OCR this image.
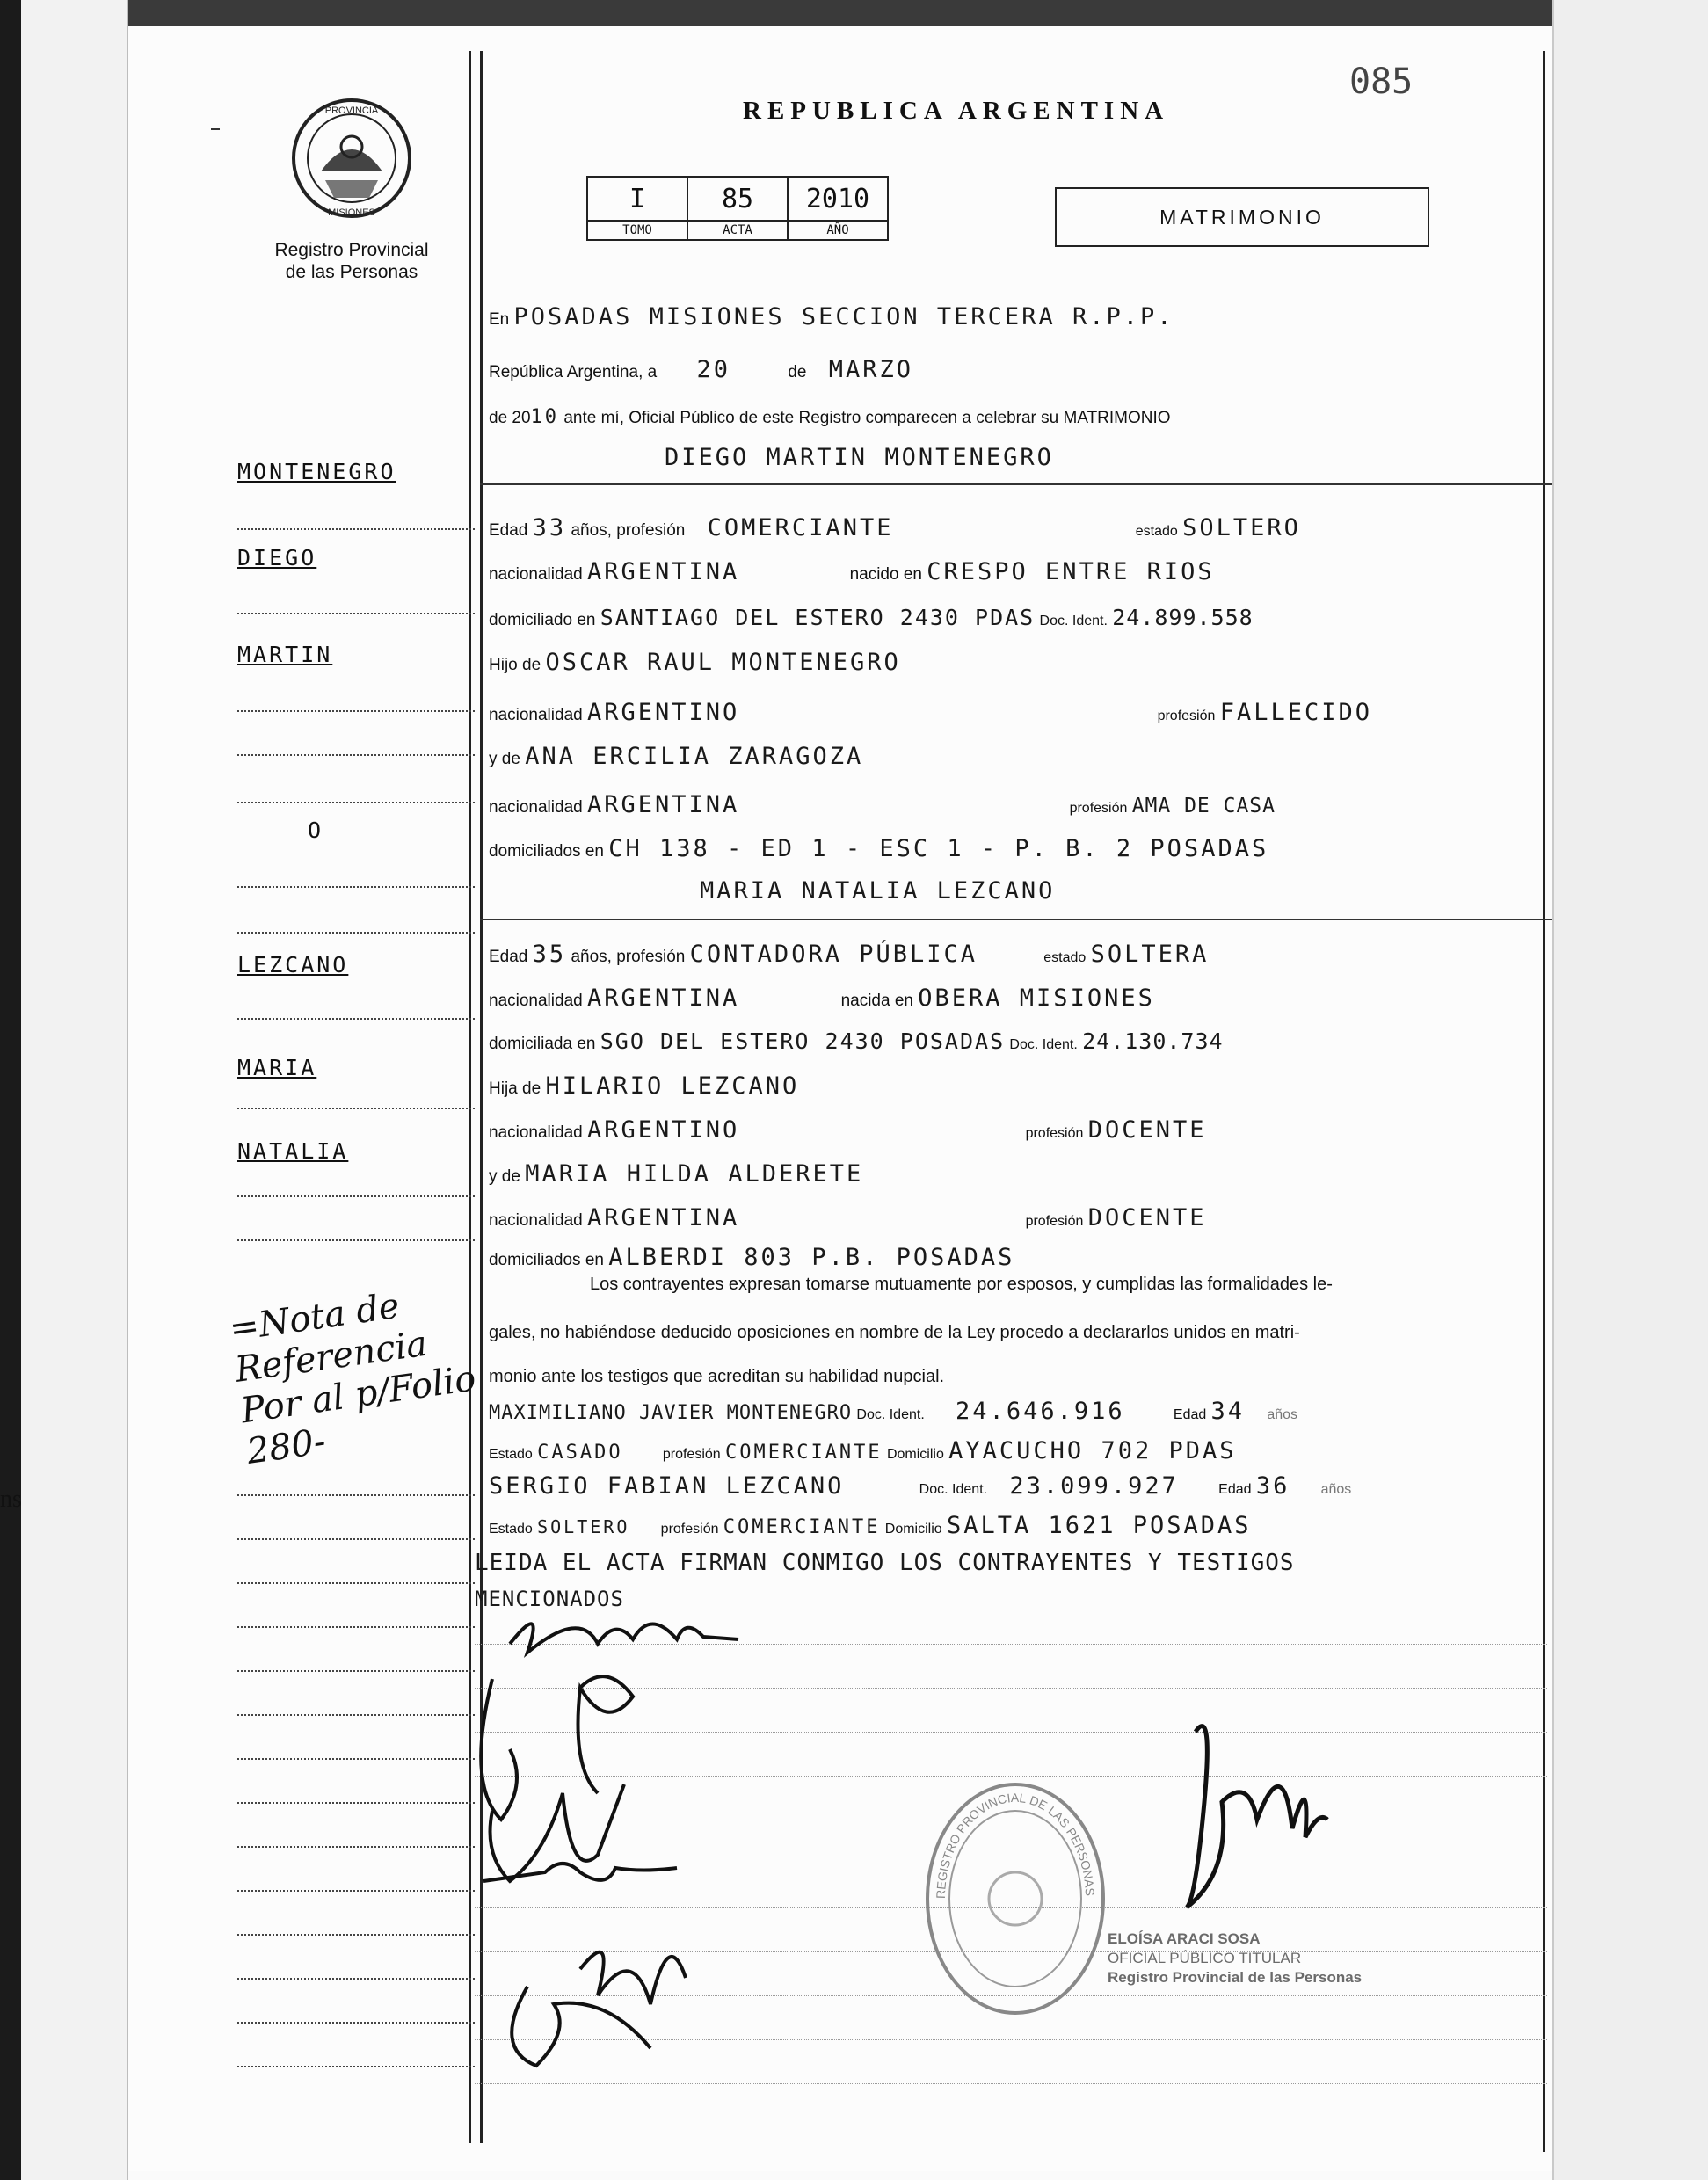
ns
PROVINCIA
MISIONES
Registro Provincial
de las Personas
REPUBLICA ARGENTINA
085
I	85	2010
TOMO	ACTA	AÑO
MATRIMONIO
En POSADAS MISIONES SECCION TERCERA R.P.P.
República Argentina, a 20	de MARZO
de 2010 ante mí, Oficial Público de este Registro comparecen a celebrar su MATRIMONIO
DIEGO MARTIN MONTENEGRO
Edad 33 años, profesión COMERCIANTE	estado SOLTERO
nacionalidad ARGENTINA	nacido en CRESPO ENTRE RIOS
domiciliado en SANTIAGO DEL ESTERO 2430 PDAS Doc. Ident. 24.899.558
Hijo de OSCAR RAUL MONTENEGRO
nacionalidad ARGENTINO	profesión FALLECIDO
y de ANA ERCILIA ZARAGOZA
nacionalidad ARGENTINA	profesión AMA DE CASA
domiciliados en CH 138 - ED 1 - ESC 1 - P. B. 2 POSADAS
MARIA NATALIA LEZCANO
Edad 35 años, profesión CONTADORA PÚBLICA	estado SOLTERA
nacionalidad ARGENTINA	nacida en OBERA MISIONES
domiciliada en SGO DEL ESTERO 2430 POSADAS Doc. Ident. 24.130.734
Hija de HILARIO LEZCANO
nacionalidad ARGENTINO	profesión DOCENTE
y de MARIA HILDA ALDERETE
nacionalidad ARGENTINA	profesión DOCENTE
domiciliados en ALBERDI 803 P.B. POSADAS
Los contrayentes expresan tomarse mutuamente por esposos, y cumplidas las formalidades le-
gales, no habiéndose deducido oposiciones en nombre de la Ley procedo a declararlos unidos en matri-
monio ante los testigos que acreditan su habilidad nupcial.
MAXIMILIANO JAVIER MONTENEGRO Doc. Ident. 24.646.916	Edad 34 años
Estado CASADO	profesión COMERCIANTE Domicilio AYACUCHO 702 PDAS
SERGIO FABIAN LEZCANO	Doc. Ident. 23.099.927	Edad 36 años
Estado SOLTERO profesión COMERCIANTE Domicilio SALTA 1621 POSADAS
LEIDA EL ACTA FIRMAN CONMIGO LOS CONTRAYENTES Y TESTIGOS
MENCIONADOS
MONTENEGRO
DIEGO
MARTIN
O
LEZCANO
MARIA
NATALIA
=Nota de Referencia Por al p/Folio 280-
REGISTRO PROVINCIAL DE LAS PERSONAS
ELOÍSA ARACI SOSA
OFICIAL PÚBLICO TITULAR
Registro Provincial de las Personas
